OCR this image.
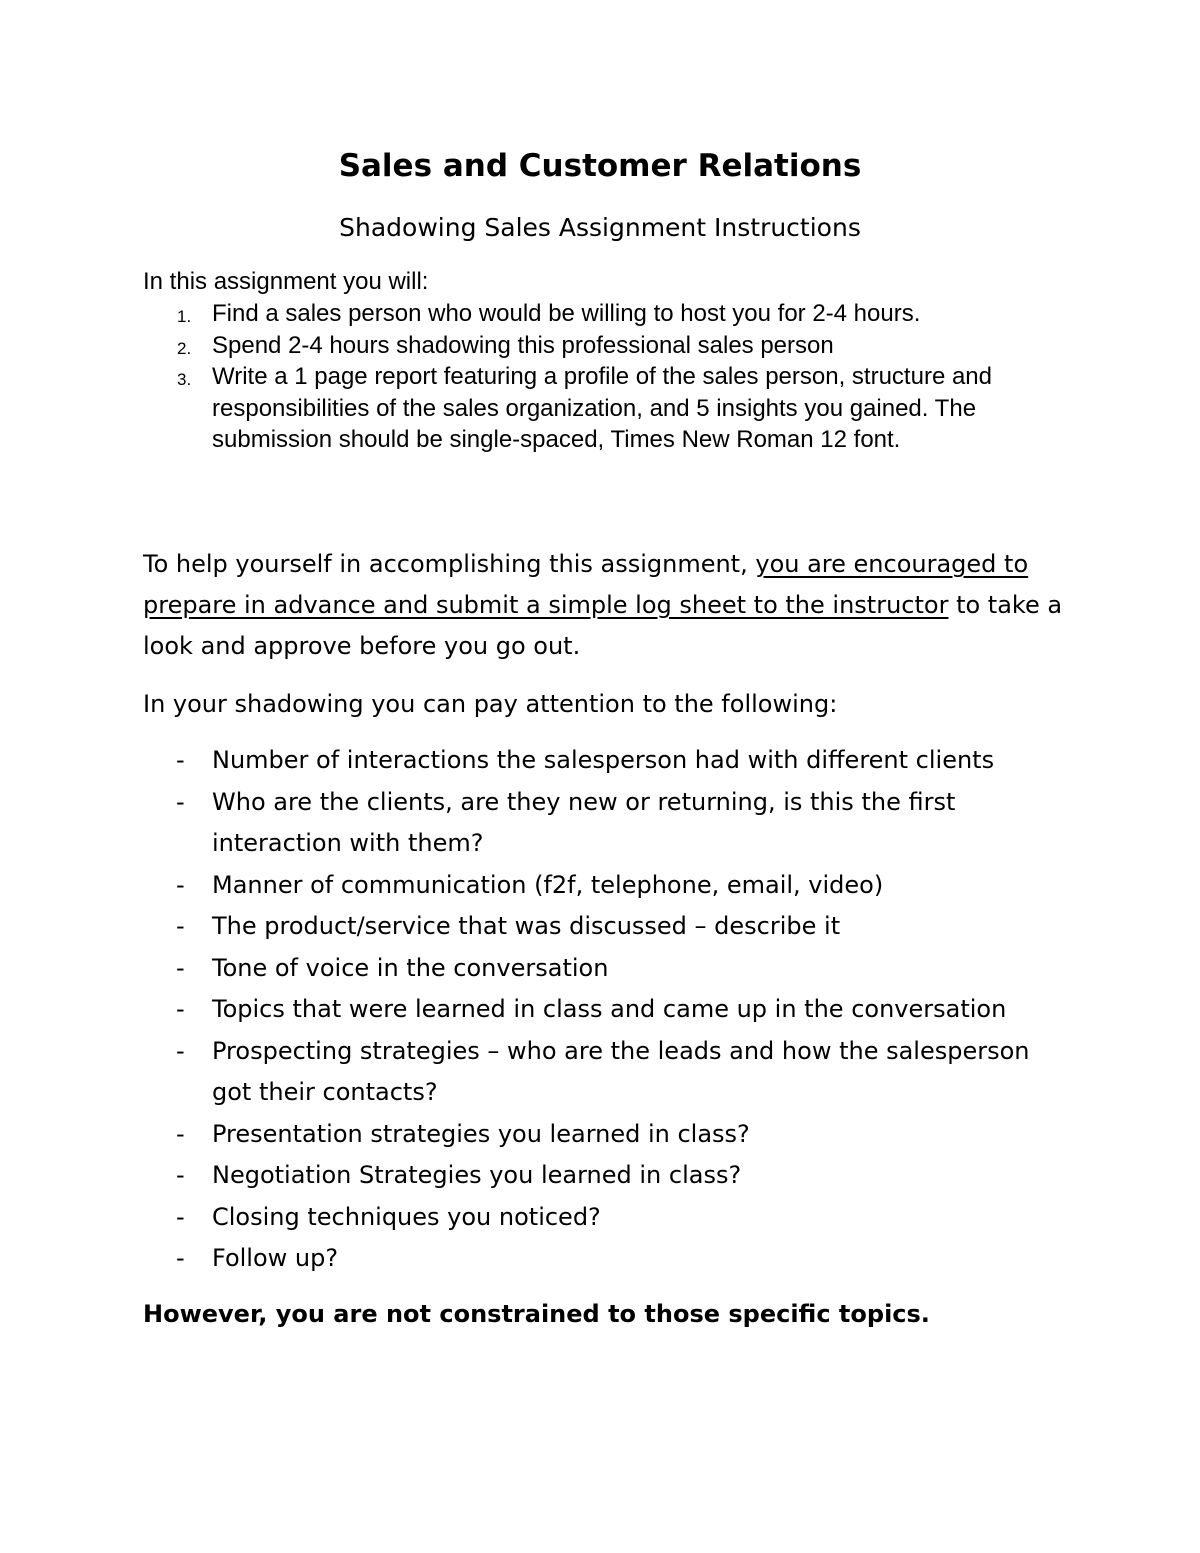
Sales and Customer Relations

Shadowing Sales Assignment Instructions

In this assignment you will:

1. Find a sales person who would be willing to host you for 2-4 hours.
2. Spend 2-4 hours shadowing this professional sales person
3. Write a 1 page report featuring a profile of the sales person, structure and responsibilities of the sales organization, and 5 insights you gained. The submission should be single-spaced, Times New Roman 12 font.

To help yourself in accomplishing this assignment, you are encouraged to prepare in advance and submit a simple log sheet to the instructor to take a look and approve before you go out.

In your shadowing you can pay attention to the following:

- Number of interactions the salesperson had with different clients
- Who are the clients, are they new or returning, is this the first interaction with them?
- Manner of communication (f2f, telephone, email, video)
- The product/service that was discussed – describe it
- Tone of voice in the conversation
- Topics that were learned in class and came up in the conversation
- Prospecting strategies – who are the leads and how the salesperson got their contacts?
- Presentation strategies you learned in class?
- Negotiation Strategies you learned in class?
- Closing techniques you noticed?
- Follow up?

However, you are not constrained to those specific topics.
